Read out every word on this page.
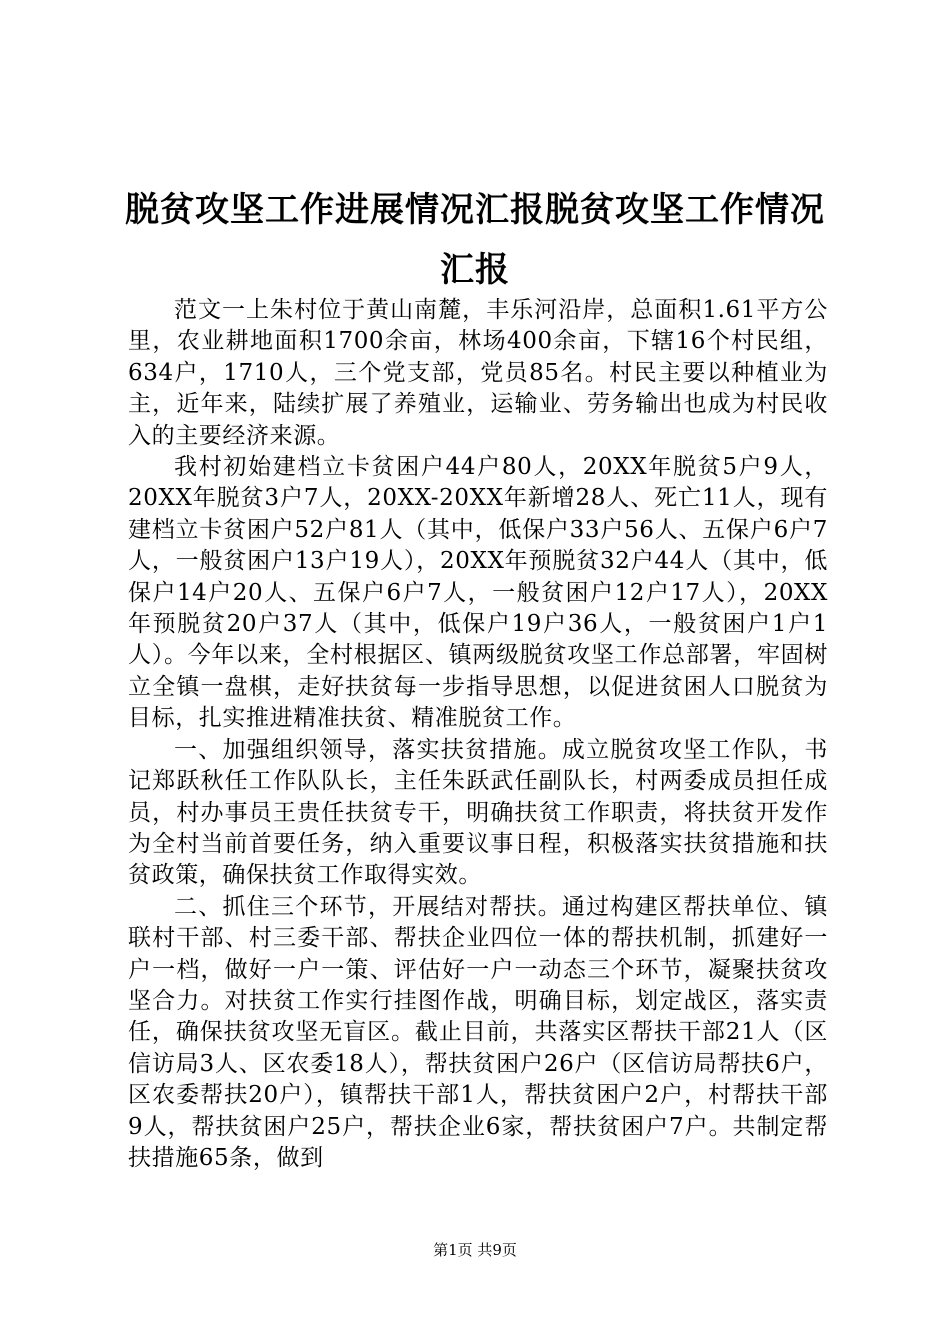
脱贫攻坚工作进展情况汇报脱贫攻坚工作情况汇报

范文一上朱村位于黄山南麓，丰乐河沿岸，总面积1.61平方公里，农业耕地面积1700余亩，林场400余亩，下辖16个村民组，634户，1710人，三个党支部，党员85名。村民主要以种植业为主，近年来，陆续扩展了养殖业，运输业、劳务输出也成为村民收入的主要经济来源。

我村初始建档立卡贫困户44户80人，20XX年脱贫5户9人，20XX年脱贫3户7人，20XX-20XX年新增28人、死亡11人，现有建档立卡贫困户52户81人（其中，低保户33户56人、五保户6户7人，一般贫困户13户19人），20XX年预脱贫32户44人（其中，低保户14户20人、五保户6户7人，一般贫困户12户17人），20XX年预脱贫20户37人（其中，低保户19户36人，一般贫困户1户1人）。今年以来，全村根据区、镇两级脱贫攻坚工作总部署，牢固树立全镇一盘棋，走好扶贫每一步指导思想，以促进贫困人口脱贫为目标，扎实推进精准扶贫、精准脱贫工作。

一、加强组织领导，落实扶贫措施。成立脱贫攻坚工作队，书记郑跃秋任工作队队长，主任朱跃武任副队长，村两委成员担任成员，村办事员王贵任扶贫专干，明确扶贫工作职责，将扶贫开发作为全村当前首要任务，纳入重要议事日程，积极落实扶贫措施和扶贫政策，确保扶贫工作取得实效。

二、抓住三个环节，开展结对帮扶。通过构建区帮扶单位、镇联村干部、村三委干部、帮扶企业四位一体的帮扶机制，抓建好一户一档，做好一户一策、评估好一户一动态三个环节，凝聚扶贫攻坚合力。对扶贫工作实行挂图作战，明确目标，划定战区，落实责任，确保扶贫攻坚无盲区。截止目前，共落实区帮扶干部21人（区信访局3人、区农委18人），帮扶贫困户26户（区信访局帮扶6户，区农委帮扶20户），镇帮扶干部1人，帮扶贫困户2户，村帮扶干部9人，帮扶贫困户25户，帮扶企业6家，帮扶贫困户7户。共制定帮扶措施65条，做到

第1页 共9页
